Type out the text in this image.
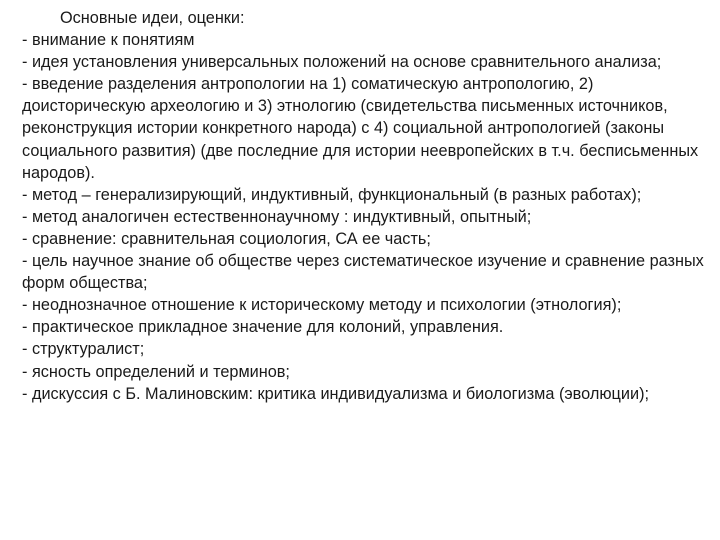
Основные идеи, оценки:

- внимание к понятиям

- идея установления универсальных положений на основе сравнительного анализа;

- введение разделения антропологии на 1) соматическую антропологию, 2) доисторическую археологию и 3) этнологию (свидетельства письменных источников, реконструкция истории конкретного народа) с 4) социальной антропологией (законы социального развития) (две последние для истории неевропейских в т.ч. бесписьменных народов).

- метод – генерализирующий, индуктивный, функциональный (в разных работах);

- метод аналогичен естественнонаучному : индуктивный, опытный;

- сравнение: сравнительная социология, СА ее часть;

- цель научное знание об обществе через систематическое изучение и сравнение разных форм общества;

- неоднозначное отношение к историческому методу и психологии (этнология);

- практическое прикладное значение для колоний, управления.

- структуралист;

- ясность определений и терминов;

- дискуссия с Б. Малиновским: критика индивидуализма и биологизма (эволюции);
